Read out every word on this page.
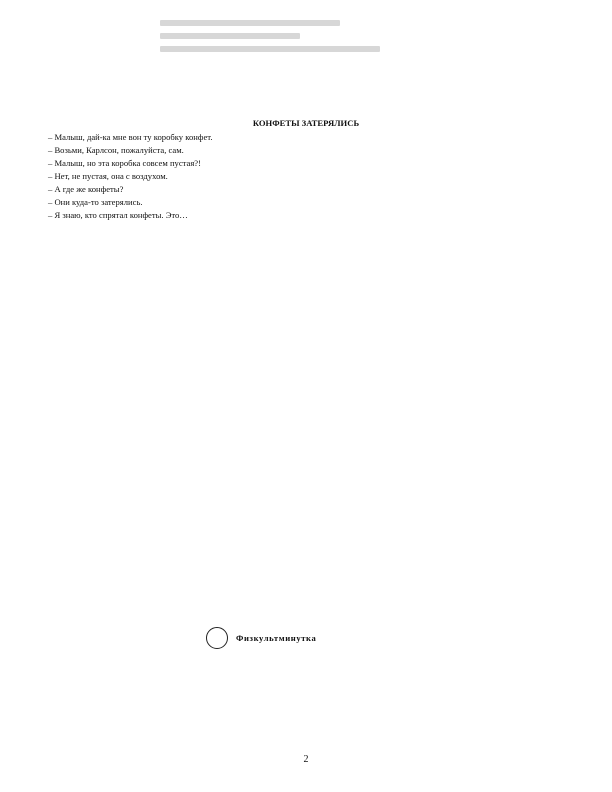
КОНФЕТЫ ЗАТЕРЯЛИСЬ
– Малыш, дай-ка мне вон ту коробку конфет.
– Возьми, Карлсон, пожалуйста, сам.
– Малыш, но эта коробка совсем пустая?!
– Нет, не пустая, она с воздухом.
– А где же конфеты?
– Они куда-то затерялись.
– Я знаю, кто спрятал конфеты. Это…
Физкультминутка
2
